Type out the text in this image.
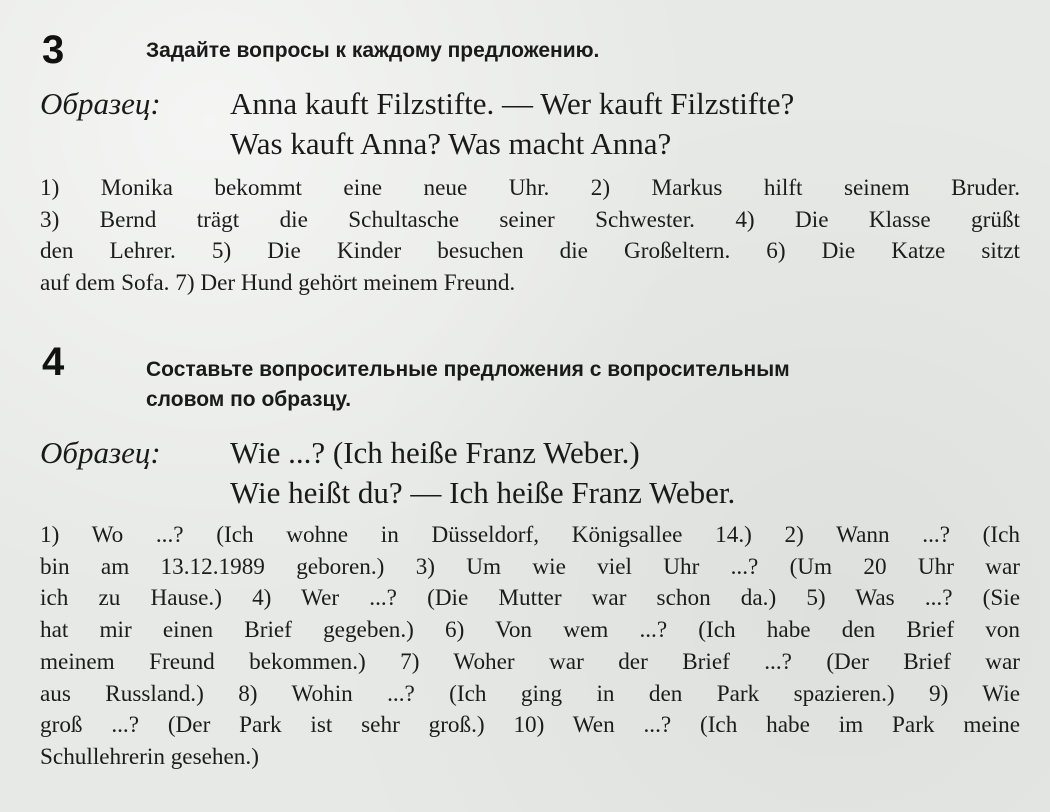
3	Задайте вопросы к каждому предложению.
Образец: Anna kauft Filzstifte. — Wer kauft Filzstifte?
Was kauft Anna? Was macht Anna?
1) Monika bekommt eine neue Uhr. 2) Markus hilft seinem Bruder.
3) Bernd trägt die Schultasche seiner Schwester. 4) Die Klasse grüßt
den Lehrer. 5) Die Kinder besuchen die Großeltern. 6) Die Katze sitzt
auf dem Sofa. 7) Der Hund gehört meinem Freund.
4	Составьте вопросительные предложения с вопросительным
словом по образцу.
Образец: Wie ...? (Ich heiße Franz Weber.)
Wie heißt du? — Ich heiße Franz Weber.
1) Wo ...? (Ich wohne in Düsseldorf, Königsallee 14.) 2) Wann ...? (Ich
bin am 13.12.1989 geboren.) 3) Um wie viel Uhr ...? (Um 20 Uhr war
ich zu Hause.) 4) Wer ...? (Die Mutter war schon da.) 5) Was ...? (Sie
hat mir einen Brief gegeben.) 6) Von wem ...? (Ich habe den Brief von
meinem Freund bekommen.) 7) Woher war der Brief ...? (Der Brief war
aus Russland.) 8) Wohin ...? (Ich ging in den Park spazieren.) 9) Wie
groß ...? (Der Park ist sehr groß.) 10) Wen ...? (Ich habe im Park meine
Schullehrerin gesehen.)
